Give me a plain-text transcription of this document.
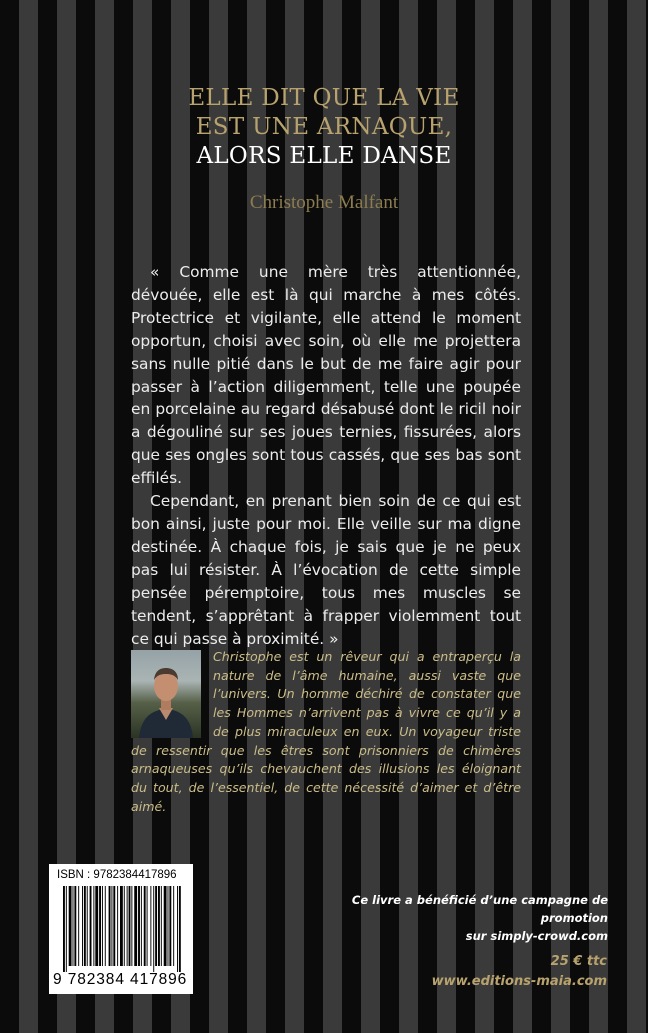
ELLE DIT QUE LA VIE
EST UNE ARNAQUE,
ALORS ELLE DANSE
Christophe Malfant

« Comme une mère très attentionnée, dévouée, elle est là qui marche à mes côtés. Protectrice et vigilante, elle attend le moment opportun, choisi avec soin, où elle me projettera sans nulle pitié dans le but de me faire agir pour passer à l’action diligemment, telle une poupée en porcelaine au regard désabusé dont le ricil noir a dégouliné sur ses joues ternies, fissurées, alors que ses ongles sont tous cassés, que ses bas sont effilés.

Cependant, en prenant bien soin de ce qui est bon ainsi, juste pour moi. Elle veille sur ma digne destinée. À chaque fois, je sais que je ne peux pas lui résister. À l’évocation de cette simple pensée péremptoire, tous mes muscles se tendent, s’apprêtant à frapper violemment tout ce qui passe à proximité. »

Christophe est un rêveur qui a entraperçu la nature de l’âme humaine, aussi vaste que l’univers. Un homme déchiré de constater que les Hommes n’arrivent pas à vivre ce qu’il y a de plus miraculeux en eux. Un voyageur triste de ressentir que les êtres sont prisonniers de chimères arnaqueuses qu’ils chevauchent des illusions les éloignant du tout, de l’essentiel, de cette nécessité d’aimer et d’être aimé.
ISBN : 9782384417896
9 782384 417896
Ce livre a bénéficié d’une campagne de promotion
sur simply-crowd.com
25 € ttc
www.editions-maia.com
